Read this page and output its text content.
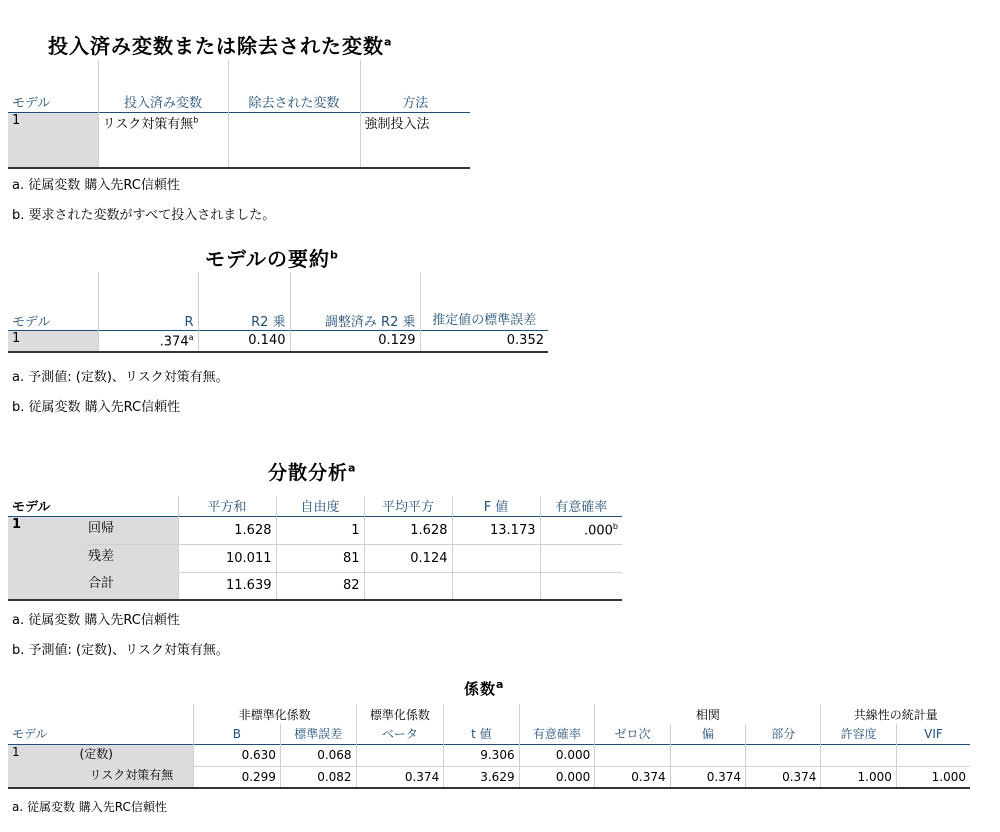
投入済み変数または除去された変数$^a$

モデル	投入済み変数	除去された変数	方法
1	リスク対策有無$^b$		強制投入法
a. 従属変数 購入先RC信頼性
b. 要求された変数がすべて投入されました。
モデルの要約$^b$

モデル	R	R2 乗	調整済み R2 乗	推定値の標準誤差
1	.374$^a$	0.140	0.129	0.352
a. 予測値: (定数)、リスク対策有無。
b. 従属変数 購入先RC信頼性
分散分析$^a$
モデル		平方和	自由度	平均平方	F 値	有意確率
1	回帰	1.628	1	1.628	13.173	.000$^b$
	残差	10.011	81	0.124		
	合計	11.639	82			
a. 従属変数 購入先RC信頼性
b. 予測値: (定数)、リスク対策有無。
係数$^a$
		非標準化係数		標準化係数			相関			共線性の統計量	
モデル		B	標準誤差	ベータ	t 値	有意確率	ゼロ次	偏	部分	許容度	VIF
1	(定数)	0.630	0.068		9.306	0.000					
	リスク対策有無	0.299	0.082	0.374	3.629	0.000	0.374	0.374	0.374	1.000	1.000
a. 従属変数 購入先RC信頼性
